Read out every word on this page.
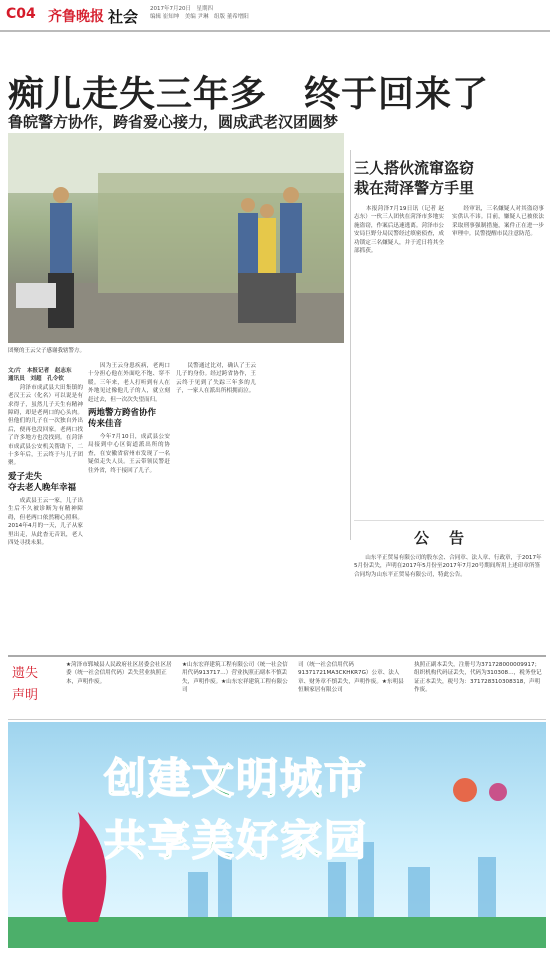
C04 齐鲁晚报 社会 2017年7月20日　星期四
编辑 崔知坤　美编 尹琳　组版 董希增阳
痴儿走失三年多　终于回来了
鲁皖警方协作，跨省爱心接力，圆成武老汉团圆梦
团聚的王云父子感谢我辖警方。
文/片　本报记者　赵志东
通讯员　刘超　孔令钦
　　菏泽市成武县大田集镇的老汉王云（化名）可以说是有求得子，虽然儿子天生有精神障碍，却是老两口的心头肉。但他们的儿子在一次独自外出后，便再也没回家。老两口找了许多地方也没找到。在菏泽市成武县公安机关帮助下，二十多年后，王云终于与儿子团聚。
爱子走失
夺去老人晚年幸福
　　成武县王云一家，儿子出生后不久被诊断为有精神障碍，但老两口依然精心照料。2014年4月的一天，儿子从家里出走，从此杳无音讯，老人四处寻找未果。
　　因为王云身患疾病，老两口十分担心他在外面吃不饱、穿不暖。三年来，老人打听到有人在外地见过像他儿子的人，就立刻赶过去，但一次次失望而归。
两地警方跨省协作
传来佳音
　　今年7月10日，成武县公安局接到中心区街道派出所的协查，在安徽省宿州市发现了一名疑似走失人员。王云带领民警赶往外省，终于接回了儿子。
　　民警通过比对，确认了王云儿子的身份。经过跨省协作，王云终于见到了失踪三年多的儿子，一家人在派出所相拥而泣。
三人搭伙流窜盗窃
栽在菏泽警方手里
　　本报菏泽7月19日讯（记者 赵志东）一伙三人团伙在菏泽市多地实施盗窃，作案后迅速逃离。菏泽市公安局巨野分局民警经过缜密侦查，成功锁定三名嫌疑人，并于近日将其全部抓获。
　　经审讯，三名嫌疑人对其盗窃事实供认不讳。目前，嫌疑人已被依法采取刑事强制措施，案件正在进一步审理中。民警提醒市民注意防范。
公告

　　山东平正贸易有限公司的股东会、合同章、法人章、行政章，于2017年5月份丢失，声明在2017年5月份至2017年7月20号期间所用上述印章所签合同均为山东平正贸易有限公司，特此公告。

遗失
声明
★菏泽市郓城县人民政府社区居委会社区居委（统一社会信用代码）丢失营业执照正本，声明作废。
★山东宏祥建筑工程有限公司（统一社会信用代码913717…）营业执照正副本不慎丢失，声明作废。★山东宏祥建筑工程有限公司
司（统一社会信用代码 91371721MA3CKHKR7G）公章、法人章、财务章不慎丢失，声明作废。★东明县恒顺家居有限公司
执照正副本丢失，注册号为371728000009917；组织机构代码证丢失，代码为310308…，税务登记证正本丢失，税号为：371728310308318，声明作废。
创建文明城市
共享美好家园
